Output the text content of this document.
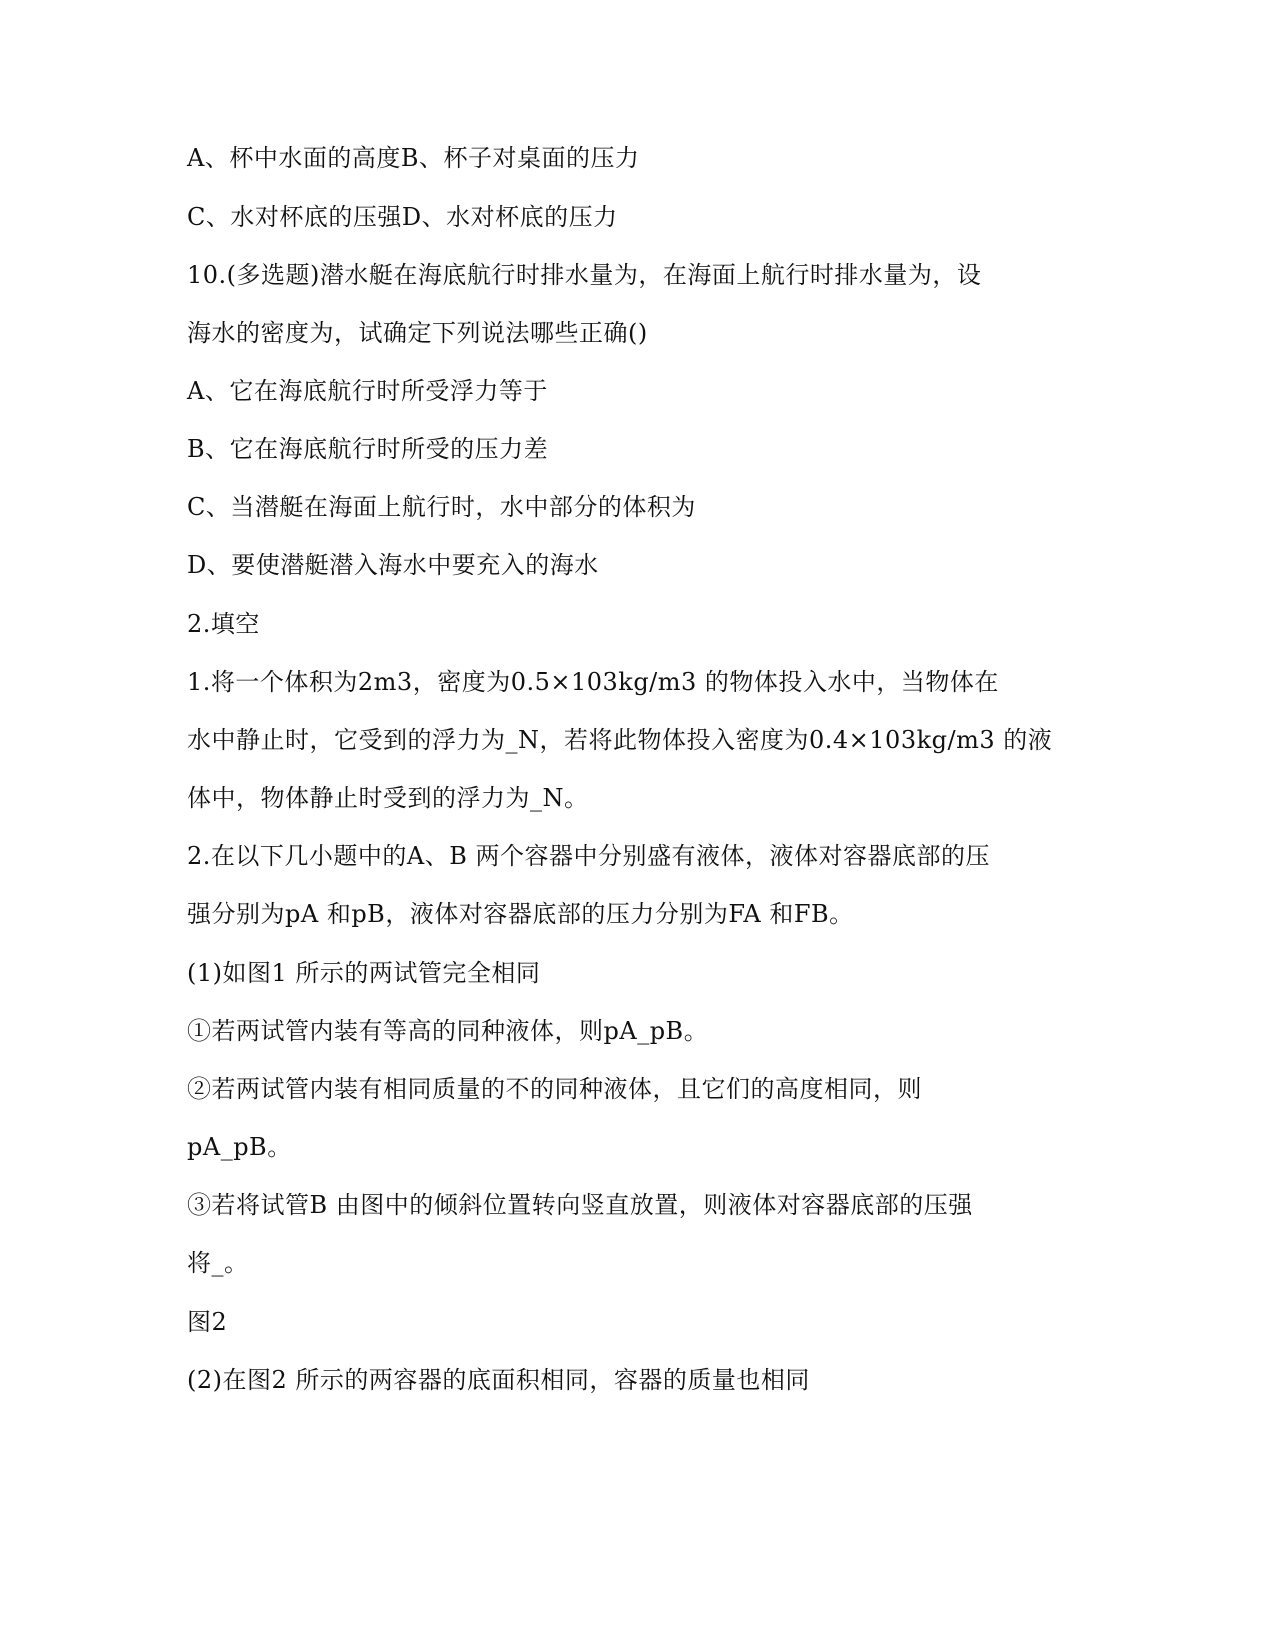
A、杯中水面的高度B、杯子对桌面的压力
C、水对杯底的压强D、水对杯底的压力
10.(多选题)潜水艇在海底航行时排水量为，在海面上航行时排水量为，设
海水的密度为，试确定下列说法哪些正确()
A、它在海底航行时所受浮力等于
B、它在海底航行时所受的压力差
C、当潜艇在海面上航行时，水中部分的体积为
D、要使潜艇潜入海水中要充入的海水
2.填空
1.将一个体积为2m3，密度为0.5×103kg/m3 的物体投入水中，当物体在
水中静止时，它受到的浮力为_N，若将此物体投入密度为0.4×103kg/m3 的液
体中，物体静止时受到的浮力为_N。
2.在以下几小题中的A、B 两个容器中分别盛有液体，液体对容器底部的压
强分别为pA 和pB，液体对容器底部的压力分别为FA 和FB。
(1)如图1 所示的两试管完全相同
①若两试管内装有等高的同种液体，则pA_pB。
②若两试管内装有相同质量的不的同种液体，且它们的高度相同，则
pA_pB。
③若将试管B 由图中的倾斜位置转向竖直放置，则液体对容器底部的压强
将_。
图2
(2)在图2 所示的两容器的底面积相同，容器的质量也相同
